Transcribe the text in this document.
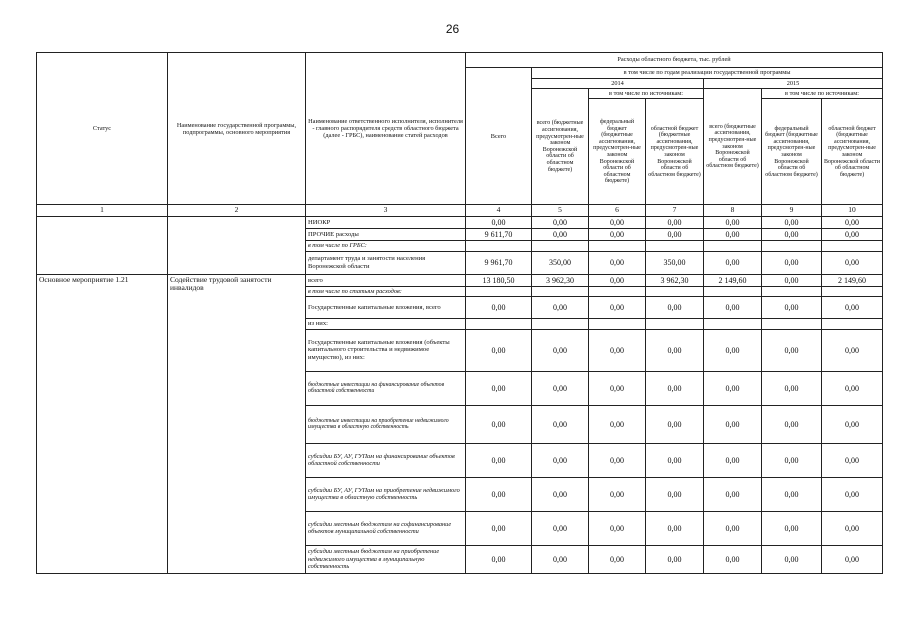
26
Статус	Наименование государственной программы, подпрограммы, основного мероприятия	Наименование ответственного исполнителя, исполнителя - главного распорядителя средств областного бюджета (далее - ГРБС), наименование статей расходов	Расходы областного бюджета, тыс. рублей						
			Всего	в том числе по годам реализации государственной программы					
				2014			2015		
				всего (бюджетные ассигнования, предусмотрен-ные законом Воронежской области об областном бюджете)	в том числе по источникам:		всего (бюджетные ассигнования, предусмотрен-ные законом Воронежской области об областном бюджете)	в том числе по источникам:	
					федеральный бюджет (бюджетные ассигнования, предусмотрен-ные законом Воронежской области об областном бюджете)	областной бюджет (бюджетные ассигнования, предусмотрен-ные законом Воронежской области об областном бюджете)		федеральный бюджет (бюджетные ассигнования, предусмотрен-ные законом Воронежской области об областном бюджете)	областной бюджет (бюджетные ассигнования, предусмотрен-ные законом Воронежской области об областном бюджете)
1	2	3	4	5	6	7	8	9	10
		НИОКР	0,00	0,00	0,00	0,00	0,00	0,00	0,00
		ПРОЧИЕ расходы	9 611,70	0,00	0,00	0,00	0,00	0,00	0,00
		в том числе по ГРБС:							
		департамент труда и занятости населения Воронежской области	9 961,70	350,00	0,00	350,00	0,00	0,00	0,00
Основное мероприятие 1.21	Содействие трудовой занятости инвалидов	всего	13 180,50	3 962,30	0,00	3 962,30	2 149,60	0,00	2 149,60
		в том числе по статьям расходов:							
		Государственные капитальные вложения, всего	0,00	0,00	0,00	0,00	0,00	0,00	0,00
		из них:							
		Государственные капитальные вложения (объекты капитального строительства и недвижимое имущество), из них:	0,00	0,00	0,00	0,00	0,00	0,00	0,00
		бюджетные инвестиции на финансирование объектов областной собственности	0,00	0,00	0,00	0,00	0,00	0,00	0,00
		бюджетные инвестиции на приобретение недвижимого имущества в областную собственность	0,00	0,00	0,00	0,00	0,00	0,00	0,00
		субсидии БУ, АУ, ГУПам на финансирование объектов областной собственности	0,00	0,00	0,00	0,00	0,00	0,00	0,00
		субсидии БУ, АУ, ГУПам на приобретение недвижимого имущества в областную собственность	0,00	0,00	0,00	0,00	0,00	0,00	0,00
		субсидии местным бюджетам на софинансирование объектов муниципальной собственности	0,00	0,00	0,00	0,00	0,00	0,00	0,00
		субсидии местным бюджетам на приобретение недвижимого имущества в муниципальную собственность	0,00	0,00	0,00	0,00	0,00	0,00	0,00
